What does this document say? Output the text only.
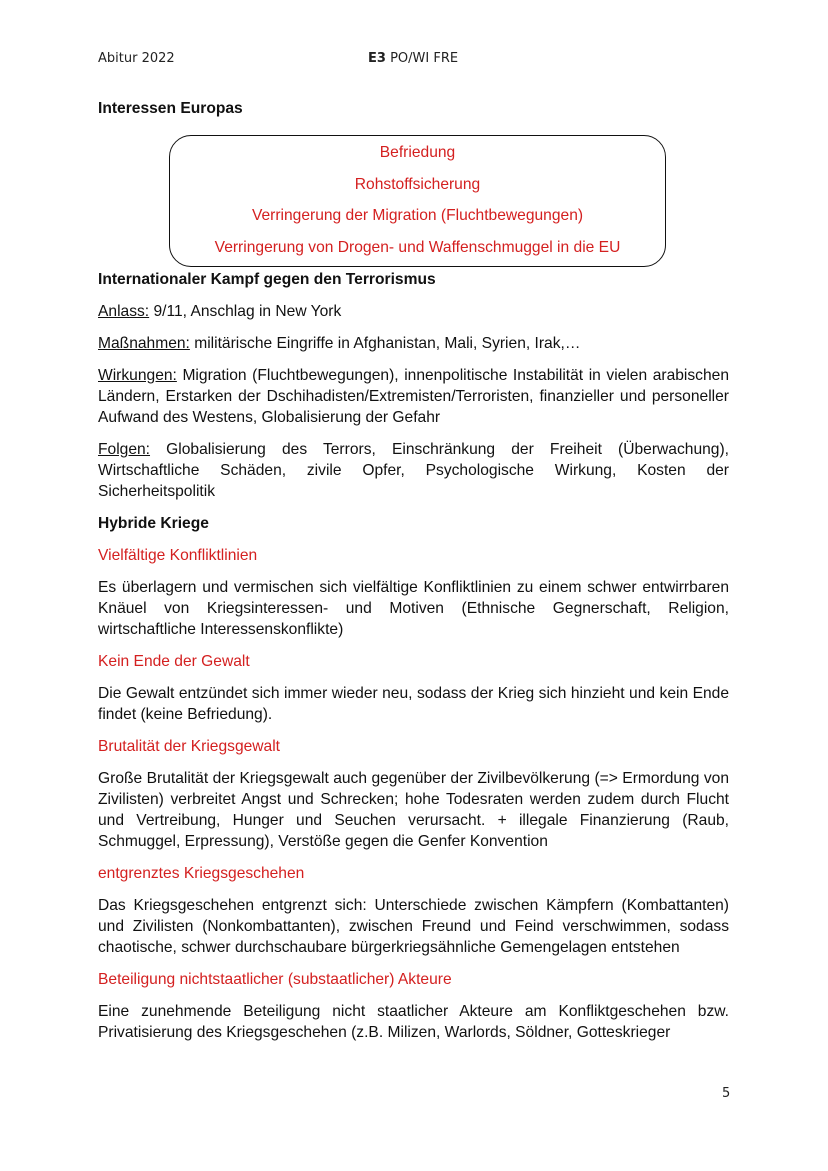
Abitur 2022	E3 PO/WI FRE

Interessen Europas

Befriedung
Rohstoffsicherung
Verringerung der Migration (Fluchtbewegungen)
Verringerung von Drogen- und Waffenschmuggel in die EU

Internationaler Kampf gegen den Terrorismus

Anlass: 9/11, Anschlag in New York

Maßnahmen: militärische Eingriffe in Afghanistan, Mali, Syrien, Irak,…

Wirkungen: Migration (Fluchtbewegungen), innenpolitische Instabilität in vielen arabischen Ländern, Erstarken der Dschihadisten/Extremisten/Terroristen, finanzieller und personeller Aufwand des Westens, Globalisierung der Gefahr

Folgen: Globalisierung des Terrors, Einschränkung der Freiheit (Überwachung), Wirtschaftliche Schäden, zivile Opfer, Psychologische Wirkung, Kosten der Sicherheitspolitik

Hybride Kriege

Vielfältige Konfliktlinien

Es überlagern und vermischen sich vielfältige Konfliktlinien zu einem schwer entwirrbaren Knäuel von Kriegsinteressen- und Motiven (Ethnische Gegnerschaft, Religion, wirtschaftliche Interessenskonflikte)

Kein Ende der Gewalt

Die Gewalt entzündet sich immer wieder neu, sodass der Krieg sich hinzieht und kein Ende findet (keine Befriedung).

Brutalität der Kriegsgewalt

Große Brutalität der Kriegsgewalt auch gegenüber der Zivilbevölkerung (=> Ermordung von Zivilisten) verbreitet Angst und Schrecken; hohe Todesraten werden zudem durch Flucht und Vertreibung, Hunger und Seuchen verursacht. + illegale Finanzierung (Raub, Schmuggel, Erpressung), Verstöße gegen die Genfer Konvention

entgrenztes Kriegsgeschehen

Das Kriegsgeschehen entgrenzt sich: Unterschiede zwischen Kämpfern (Kombattanten) und Zivilisten (Nonkombattanten), zwischen Freund und Feind verschwimmen, sodass chaotische, schwer durchschaubare bürgerkriegsähnliche Gemengelagen entstehen

Beteiligung nichtstaatlicher (substaatlicher) Akteure

Eine zunehmende Beteiligung nicht staatlicher Akteure am Konfliktgeschehen bzw. Privatisierung des Kriegsgeschehen (z.B. Milizen, Warlords, Söldner, Gotteskrieger

5
